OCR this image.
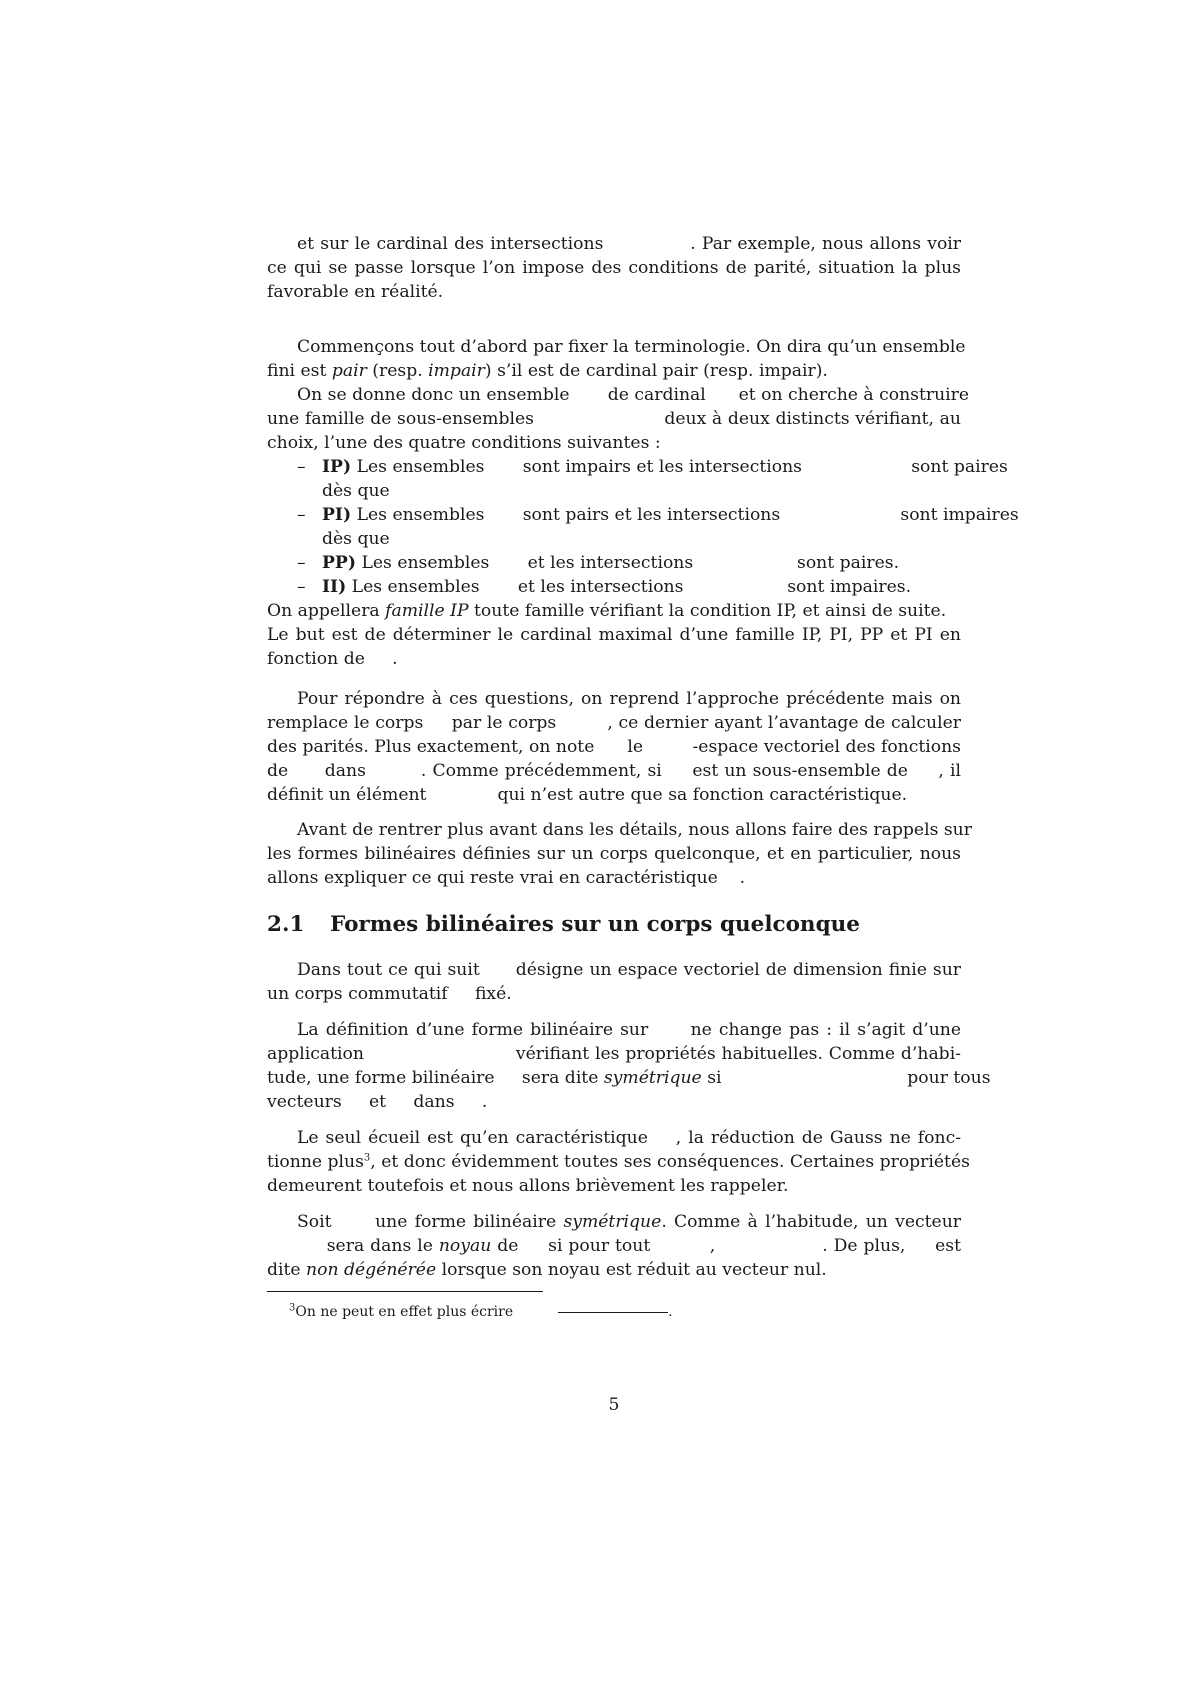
et sur le cardinal des intersections              . Par exemple, nous allons voir
ce qui se passe lorsque l’on impose des conditions de parité, situation la plus
favorable en réalité.
Commençons tout d’abord par fixer la terminologie. On dira qu’un ensemble
fini est pair (resp. impair) s’il est de cardinal pair (resp. impair).
On se donne donc un ensemble       de cardinal      et on cherche à construire
une famille de sous-ensembles                       deux à deux distincts vérifiant, au
choix, l’une des quatre conditions suivantes :
– IP) Les ensembles       sont impairs et les intersections                    sont paires
dès que
– PI) Les ensembles       sont pairs et les intersections                      sont impaires
dès que
– PP) Les ensembles       et les intersections                   sont paires.
– II) Les ensembles       et les intersections                   sont impaires.
On appellera famille IP toute famille vérifiant la condition IP, et ainsi de suite.
Le but est de déterminer le cardinal maximal d’une famille IP, PI, PP et PI en
fonction de     .
Pour répondre à ces questions, on reprend l’approche précédente mais on
remplace le corps     par le corps         , ce dernier ayant l’avantage de calculer
des parités. Plus exactement, on note      le         -espace vectoriel des fonctions
de      dans         . Comme précédemment, si     est un sous-ensemble de     , il
définit un élément             qui n’est autre que sa fonction caractéristique.
Avant de rentrer plus avant dans les détails, nous allons faire des rappels sur
les formes bilinéaires définies sur un corps quelconque, et en particulier, nous
allons expliquer ce qui reste vrai en caractéristique    .
2.1 Formes bilinéaires sur un corps quelconque
Dans tout ce qui suit      désigne un espace vectoriel de dimension finie sur
un corps commutatif     fixé.
La définition d’une forme bilinéaire sur      ne change pas : il s’agit d’une
application                          vérifiant les propriétés habituelles. Comme d’habi-
tude, une forme bilinéaire     sera dite symétrique si                                  pour tous
vecteurs     et     dans     .
Le seul écueil est qu’en caractéristique    , la réduction de Gauss ne fonc-
tionne plus$^3$, et donc évidemment toutes ses conséquences. Certaines propriétés
demeurent toutefois et nous allons brièvement les rappeler.
Soit      une forme bilinéaire symétrique. Comme à l’habitude, un vecteur
sera dans le noyau de     si pour tout          ,                  . De plus,     est
dite non dégénérée lorsque son noyau est réduit au vecteur nul.
$^3$On ne peut en effet plus écrire	.
5
